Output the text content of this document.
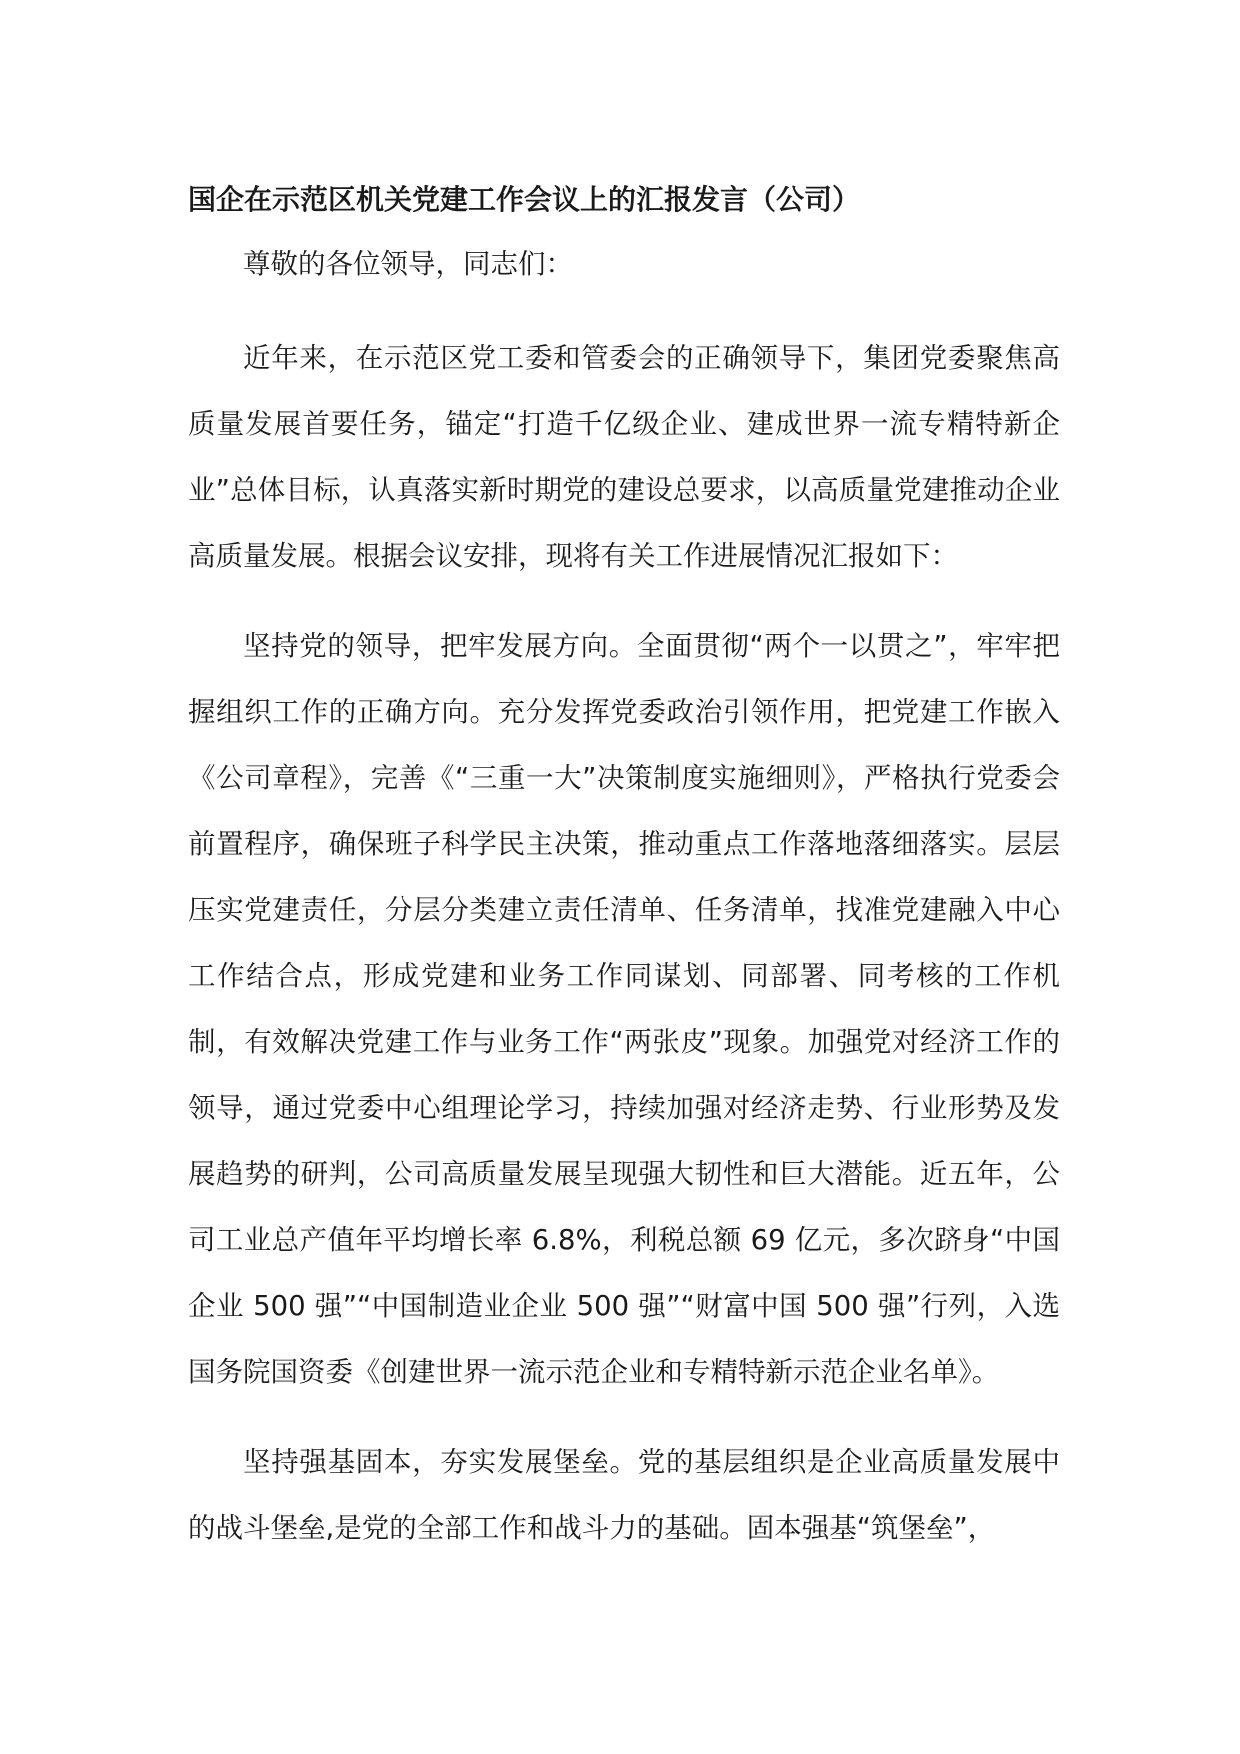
国企在示范区机关党建工作会议上的汇报发言（公司）

尊敬的各位领导，同志们：

近年来，在示范区党工委和管委会的正确领导下，集团党委聚焦高质量发展首要任务，锚定“打造千亿级企业、建成世界一流专精特新企业”总体目标，认真落实新时期党的建设总要求，以高质量党建推动企业高质量发展。根据会议安排，现将有关工作进展情况汇报如下：

坚持党的领导，把牢发展方向。全面贯彻“两个一以贯之”，牢牢把握组织工作的正确方向。充分发挥党委政治引领作用，把党建工作嵌入《公司章程》，完善《“三重一大”决策制度实施细则》，严格执行党委会前置程序，确保班子科学民主决策，推动重点工作落地落细落实。层层压实党建责任，分层分类建立责任清单、任务清单，找准党建融入中心工作结合点，形成党建和业务工作同谋划、同部署、同考核的工作机制，有效解决党建工作与业务工作“两张皮”现象。加强党对经济工作的领导，通过党委中心组理论学习，持续加强对经济走势、行业形势及发展趋势的研判，公司高质量发展呈现强大韧性和巨大潜能。近五年，公司工业总产值年平均增长率 6.8%，利税总额 69 亿元，多次跻身“中国企业 500 强”“中国制造业企业 500 强”“财富中国 500 强”行列，入选国务院国资委《创建世界一流示范企业和专精特新示范企业名单》。

坚持强基固本，夯实发展堡垒。党的基层组织是企业高质量发展中的战斗堡垒,是党的全部工作和战斗力的基础。固本强基“筑堡垒”，
